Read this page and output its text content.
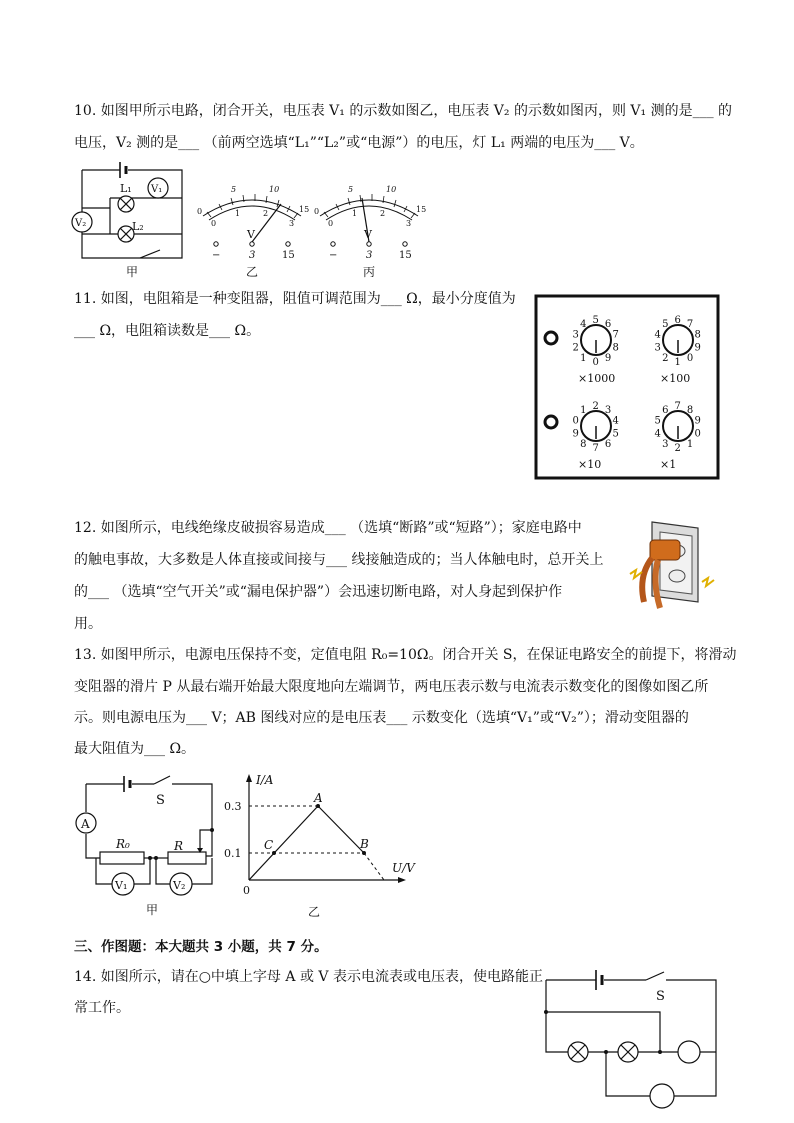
10. 如图甲所示电路，闭合开关，电压表 V₁ 的示数如图乙，电压表 V₂ 的示数如图丙，则 V₁ 测的是___ 的
电压，V₂ 测的是___ （前两空选填“L₁”“L₂”或“电源”）的电压，灯 L₁ 两端的电压为___ V。
L₁
L₂
V₁
V₂
甲
5	10
0	15
0
1	2
3
V
−	3	15
乙
5	10
0	15
0
1	2
3
V
−	3	15
丙
11. 如图，电阻箱是一种变阻器，阻值可调范围为___ Ω，最小分度值为
___ Ω，电阻箱读数是___ Ω。
0
1
2
3
4 5 6
7
8
9
×1000
1
2
3
4
5 6 7
8
9
0
×100
7
8
9
0
1 2 3
4
5
6
×10
2
3
4
5
6 7 8
9
0
1
×1
12. 如图所示，电线绝缘皮破损容易造成___ （选填“断路”或“短路”）；家庭电路中
的触电事故，大多数是人体直接或间接与___ 线接触造成的；当人体触电时，总开关上
的___ （选填“空气开关”或“漏电保护器”）会迅速切断电路，对人身起到保护作
用。
13. 如图甲所示，电源电压保持不变，定值电阻 R₀=10Ω。闭合开关 S，在保证电路安全的前提下，将滑动
变阻器的滑片 P 从最右端开始最大限度地向左端调节，两电压表示数与电流表示数变化的图像如图乙所
示。则电源电压为___ V；AB 图线对应的是电压表___ 示数变化（选填“V₁”或“V₂”）；滑动变阻器的
最大阻值为___ Ω。
A
S
R₀	R
V₁	V₂
甲
I/A
U/V
0
0.3
0.1
A
B
C
乙
三、作图题：本大题共 3 小题，共 7 分。
14. 如图所示，请在○中填上字母 A 或 V 表示电流表或电压表，使电路能正
常工作。
S
